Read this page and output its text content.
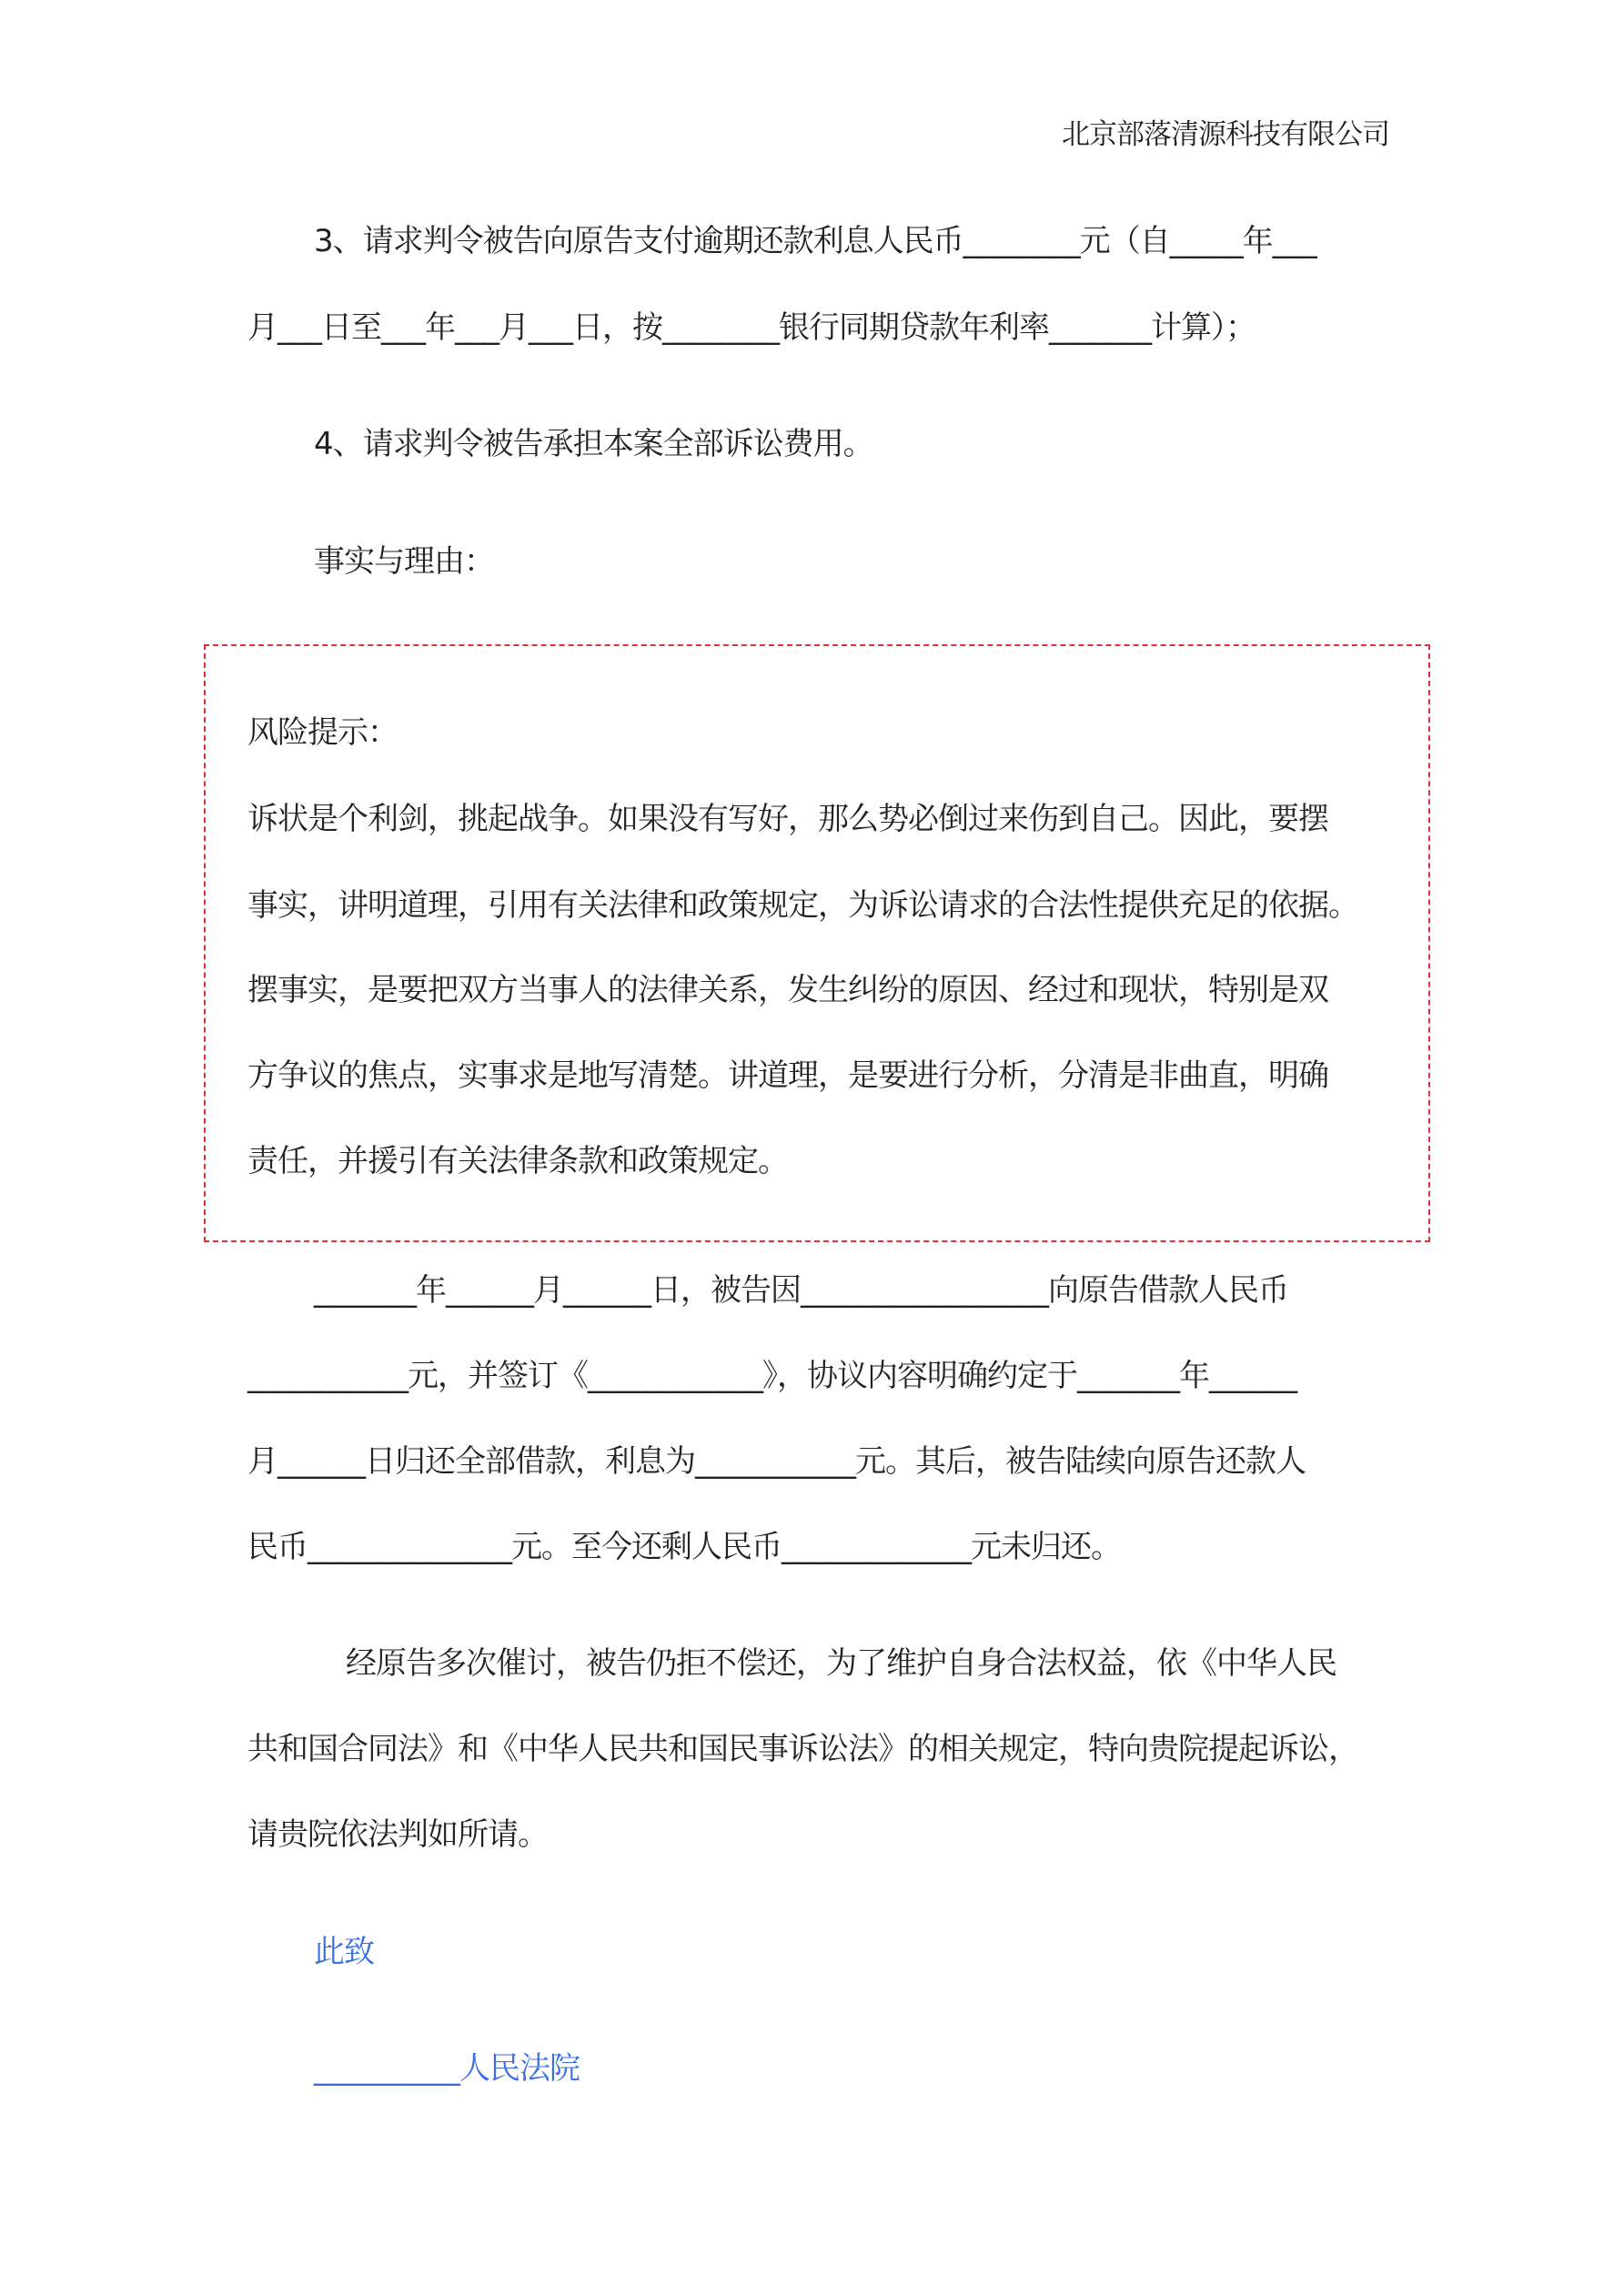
北京部落清源科技有限公司
3、请求判令被告向原告支付逾期还款利息人民币________元（自_____年___
月___日至___年___月___日，按________银行同期贷款年利率_______计算）；
4、请求判令被告承担本案全部诉讼费用。
事实与理由：
风险提示：
诉状是个利剑，挑起战争。如果没有写好，那么势必倒过来伤到自己。因此，要摆
事实，讲明道理，引用有关法律和政策规定，为诉讼请求的合法性提供充足的依据。
摆事实，是要把双方当事人的法律关系，发生纠纷的原因、经过和现状，特别是双
方争议的焦点，实事求是地写清楚。讲道理，是要进行分析，分清是非曲直，明确
责任，并援引有关法律条款和政策规定。
_______年______月______日，被告因_________________向原告借款人民币
___________元，并签订《____________》，协议内容明确约定于_______年______
月______日归还全部借款，利息为___________元。其后，被告陆续向原告还款人
民币______________元。至今还剩人民币_____________元未归还。
经原告多次催讨，被告仍拒不偿还，为了维护自身合法权益，依《中华人民
共和国合同法》和《中华人民共和国民事诉讼法》的相关规定，特向贵院提起诉讼，
请贵院依法判如所请。
此致
__________人民法院
